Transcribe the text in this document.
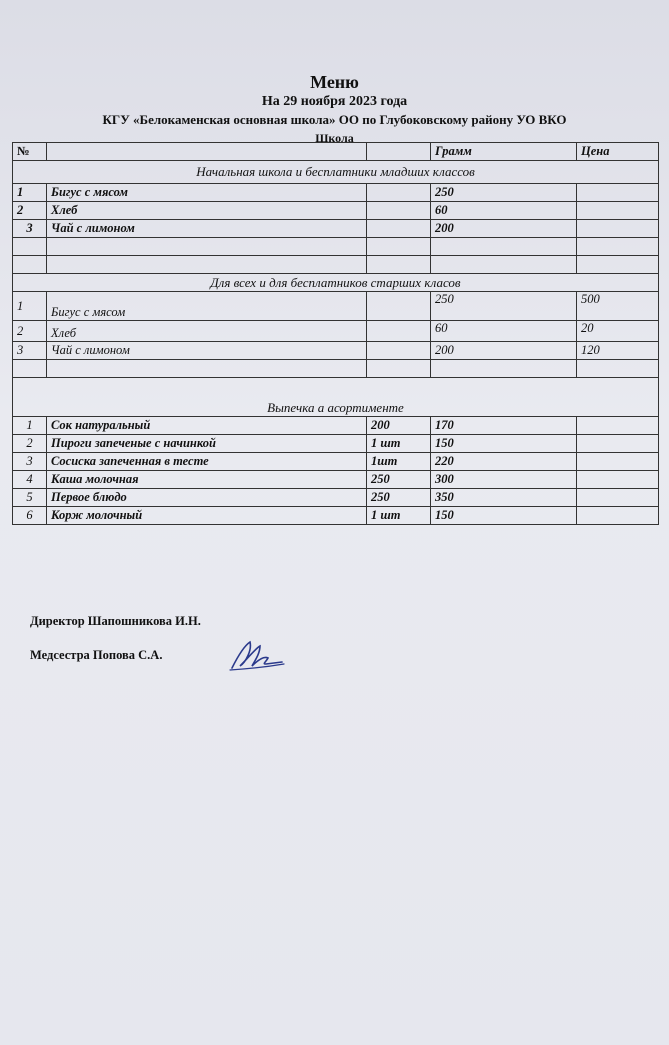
Меню
На 29 ноября 2023 года
КГУ «Белокаменская основная школа» ОО по Глубоковскому району УО ВКО
Школа
№			Грамм	Цена
Начальная школа и бесплатники младших классов				
1	Бигус с мясом		250	
2	Хлеб		60	
3	Чай с лимоном		200	

Для всех и для бесплатников старших класов				
1	Бигус с мясом		250	500
2	Хлеб		60	20
3	Чай с лимоном		200	120

Выпечка а асортименте				
1	Сок натуральный	200	170	
2	Пироги запеченые с начинкой	1 шт	150	
3	Сосиска запеченная в тесте	1шт	220	
4	Каша молочная	250	300	
5	Первое блюдо	250	350	
6	Корж молочный	1 шт	150	
Директор Шапошникова И.Н.
Медсестра Попова С.А.
